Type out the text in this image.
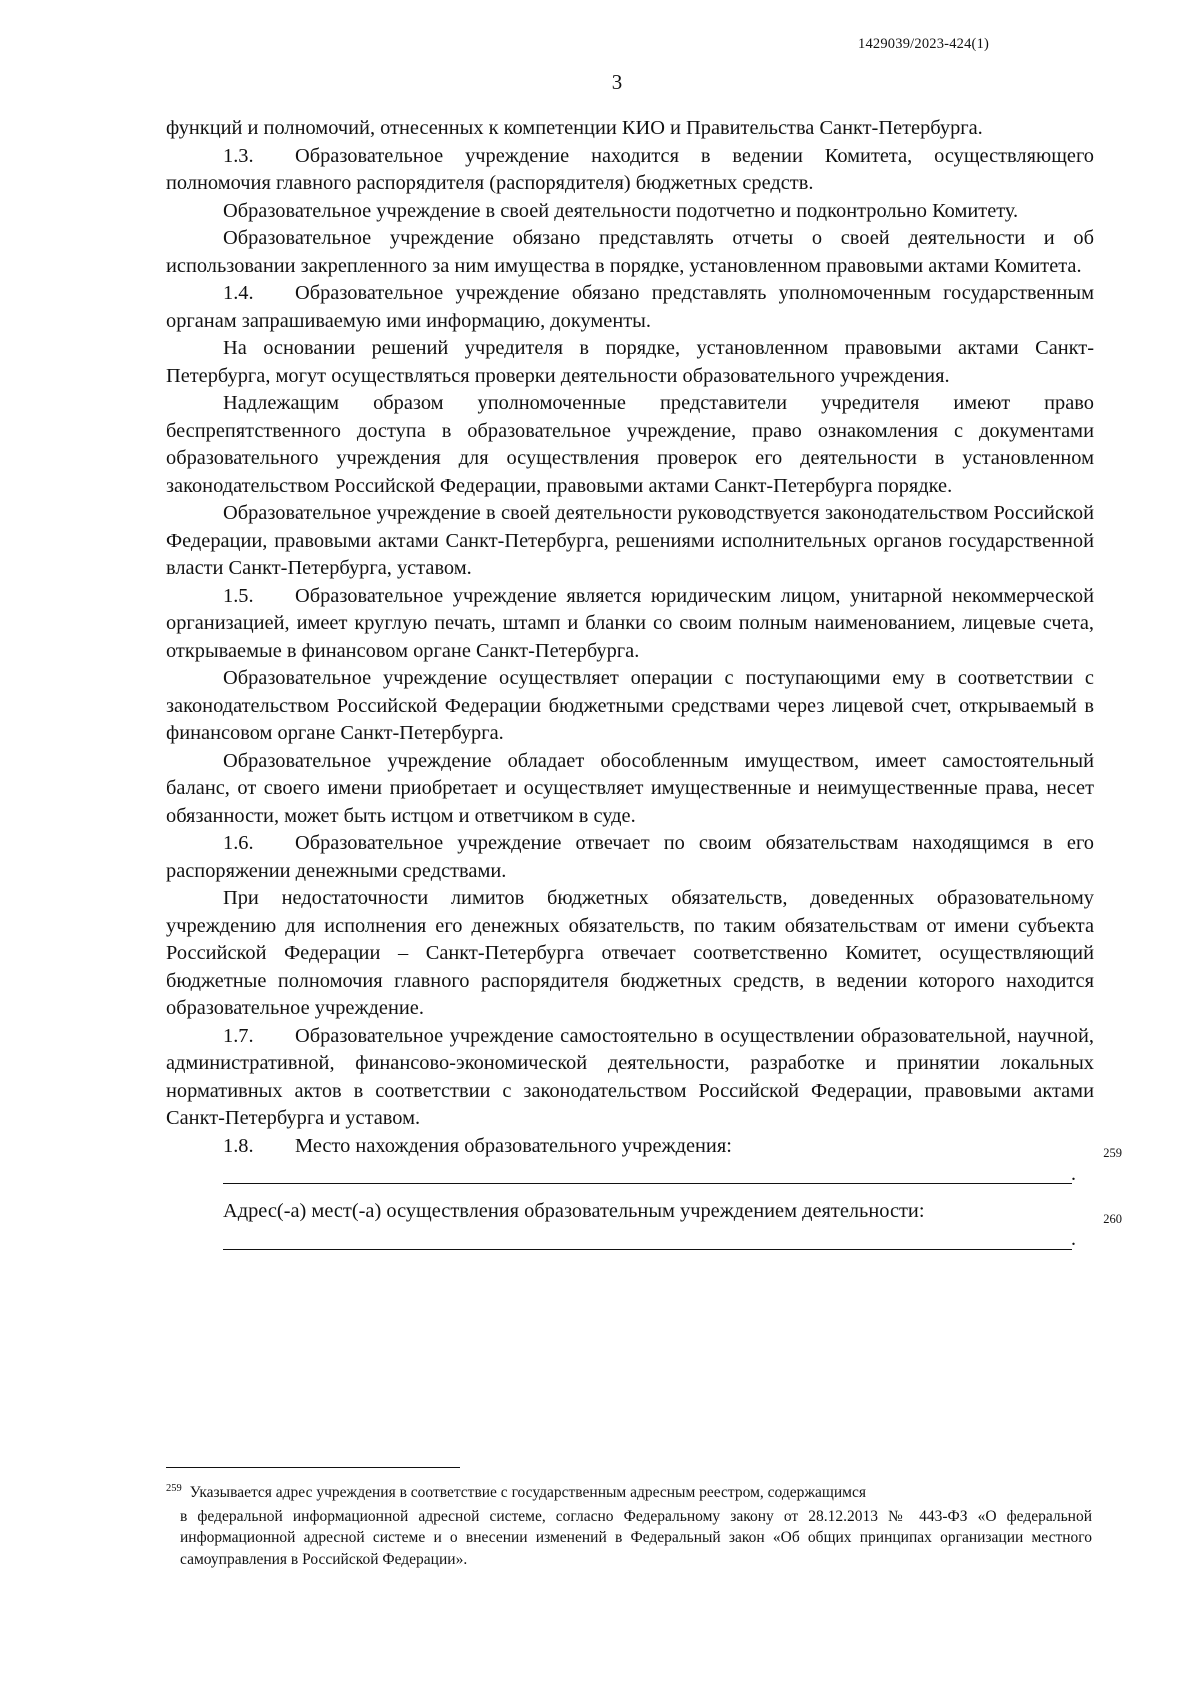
1429039/2023-424(1)
3

функций и полномочий, отнесенных к компетенции КИО и Правительства Санкт-Петербурга.

1.3. Образовательное учреждение находится в ведении Комитета, осуществляющего полномочия главного распорядителя (распорядителя) бюджетных средств.

Образовательное учреждение в своей деятельности подотчетно и подконтрольно Комитету.

Образовательное учреждение обязано представлять отчеты о своей деятельности и об использовании закрепленного за ним имущества в порядке, установленном правовыми актами Комитета.

1.4. Образовательное учреждение обязано представлять уполномоченным государственным органам запрашиваемую ими информацию, документы.

На основании решений учредителя в порядке, установленном правовыми актами Санкт-Петербурга, могут осуществляться проверки деятельности образовательного учреждения.

Надлежащим образом уполномоченные представители учредителя имеют право беспрепятственного доступа в образовательное учреждение, право ознакомления с документами образовательного учреждения для осуществления проверок его деятельности в установленном законодательством Российской Федерации, правовыми актами Санкт-Петербурга порядке.

Образовательное учреждение в своей деятельности руководствуется законодательством Российской Федерации, правовыми актами Санкт-Петербурга, решениями исполнительных органов государственной власти Санкт-Петербурга, уставом.

1.5. Образовательное учреждение является юридическим лицом, унитарной некоммерческой организацией, имеет круглую печать, штамп и бланки со своим полным наименованием, лицевые счета, открываемые в финансовом органе Санкт-Петербурга.

Образовательное учреждение осуществляет операции с поступающими ему в соответствии с законодательством Российской Федерации бюджетными средствами через лицевой счет, открываемый в финансовом органе Санкт-Петербурга.

Образовательное учреждение обладает обособленным имуществом, имеет самостоятельный баланс, от своего имени приобретает и осуществляет имущественные и неимущественные права, несет обязанности, может быть истцом и ответчиком в суде.

1.6. Образовательное учреждение отвечает по своим обязательствам находящимся в его распоряжении денежными средствами.

При недостаточности лимитов бюджетных обязательств, доведенных образовательному учреждению для исполнения его денежных обязательств, по таким обязательствам от имени субъекта Российской Федерации – Санкт-Петербурга отвечает соответственно Комитет, осуществляющий бюджетные полномочия главного распорядителя бюджетных средств, в ведении которого находится образовательное учреждение.

1.7. Образовательное учреждение самостоятельно в осуществлении образовательной, научной, административной, финансово-экономической деятельности, разработке и принятии локальных нормативных актов в соответствии с законодательством Российской Федерации, правовыми актами Санкт-Петербурга и уставом.

1.8. Место нахождения образовательного учреждения:

.
259

Адрес(-а) мест(-а) осуществления образовательным учреждением деятельности:

.
260
$^{259}$ Указывается адрес учреждения в соответствие с государственным адресным реестром, содержащимся
в федеральной информационной адресной системе, согласно Федеральному закону от 28.12.2013 № 443-ФЗ «О федеральной информационной адресной системе и о внесении изменений в Федеральный закон «Об общих принципах организации местного самоуправления в Российской Федерации».
